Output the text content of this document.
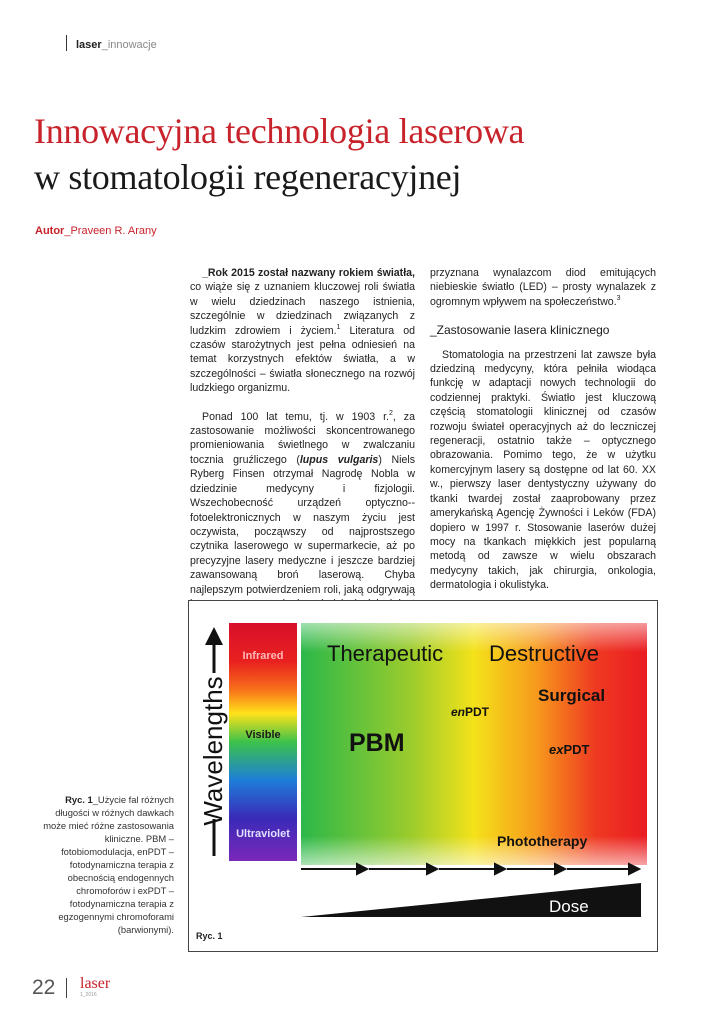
laser_innowacje
Innowacyjna technologia laserowa
w stomatologii regeneracyjnej
Autor_Praveen R. Arany

_Rok 2015 został nazwany rokiem światła, co wiąże się z uznaniem kluczowej roli światła w wielu dziedzinach naszego istnienia, szczególnie w dziedzinach związanych z ludzkim zdrowiem i życiem.$^1$ Literatura od czasów starożytnych jest pełna odniesień na temat korzystnych efektów światła, a w szczególności – światła słonecznego na rozwój ludzkiego organizmu.

Ponad 100 lat temu, tj. w 1903 r.$^2$, za zastosowanie możliwości skoncentrowanego promieniowania świetlnego w zwalczaniu tocznia gruźliczego (lupus vulgaris) Niels Ryberg Finsen otrzymał Nagrodę Nobla w dziedzinie medycyny i fizjologii. Wszechobecność urządzeń optyczno--fotoelektronicznych w naszym życiu jest oczywista, począwszy od najprostszego czytnika laserowego w supermarkecie, aż po precyzyjne lasery medyczne i jeszcze bardziej zawansowaną broń laserową. Chyba najlepszym potwierdzeniem roli, jaką odgrywają

przyznana wynalazcom diod emitujących niebieskie światło (LED) – prosty wynalazek z ogromnym wpływem na społeczeństwo.$^3$

_Zastosowanie lasera klinicznego

Stomatologia na przestrzeni lat zawsze była dziedziną medycyny, która pełniła wiodąca funkcję w adaptacji nowych technologii do codziennej praktyki. Światło jest kluczową częścią stomatologii klinicznej od czasów rozwoju świateł operacyjnych aż do leczniczej regeneracji, ostatnio także – optycznego obrazowania. Pomimo tego, że w użytku komercyjnym lasery są dostępne od lat 60. XX w., pierwszy laser dentystyczny używany do tkanki twardej został zaaprobowany przez amerykańską Agencję Żywności i Leków (FDA) dopiero w 1997 r. Stosowanie laserów dużej mocy na tkankach miękkich jest popularną metodą od zawsze w wielu obszarach medycyny takich, jak chirurgia, onkologia, dermatologia i okulistyka.

Wavelengths
Infrared
Visible
Ultraviolet
Therapeutic Destructive
PBM
enPDT
Surgical
exPDT
Phototherapy
Dose
Ryc. 1
Ryc. 1_Użycie fal różnych długości w różnych dawkach może mieć różne zastosowania kliniczne. PBM – fotobiomodulacja, enPDT – fotodynamiczna terapia z obecnością endogennych chromoforów i exPDT – fotodynamiczna terapia z egzogennymi chromoforami (barwionymi).
22 laser
1_2016
